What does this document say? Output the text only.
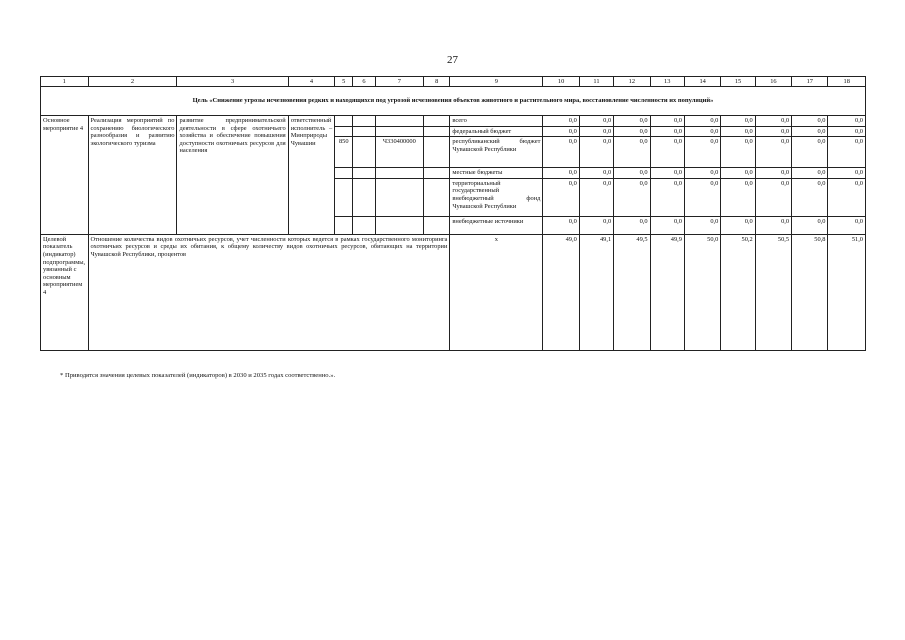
27
1	2	3	4	5	6	7	8	9	10	11	12	13	14	15	16	17	18
Цель «Снижение угрозы исчезновения редких и находящихся под угрозой исчезновения объектов животного и растительного мира, восстановление численности их популяций»																	
Основное мероприятие 4	Реализация мероприятий по сохранению биологического разнообразия и развитию экологического туризма	развитие предпринимательской деятельности в сфере охотничьего хозяйства и обеспечение повышения доступности охотничьих ресурсов для населения	ответственный исполнитель – Минприроды Чувашии					всего	0,0	0,0	0,0	0,0	0,0	0,0	0,0	0,0	0,0
								федеральный бюджет	0,0	0,0	0,0	0,0	0,0	0,0	0,0	0,0	0,0
				850		Ч330400000		республиканский бюджет Чувашской Республики	0,0	0,0	0,0	0,0	0,0	0,0	0,0	0,0	0,0
								местные бюджеты	0,0	0,0	0,0	0,0	0,0	0,0	0,0	0,0	0,0
								территориальный государственный внебюджетный фонд Чувашской Республики	0,0	0,0	0,0	0,0	0,0	0,0	0,0	0,0	0,0
								внебюджетные источники	0,0	0,0	0,0	0,0	0,0	0,0	0,0	0,0	0,0
Целевой показатель (индикатор) подпрограммы, увязанный с основным мероприятием 4	Отношение количества видов охотничьих ресурсов, учет численности которых ведется в рамках государственного мониторинга охотничьих ресурсов и среды их обитания, к общему количеству видов охотничьих ресурсов, обитающих на территории Чувашской Республики, процентов							х	49,0	49,1	49,5	49,9	50,0	50,2	50,5	50,8	51,0
* Приводятся значения целевых показателей (индикаторов) в 2030 и 2035 годах соответственно.».
